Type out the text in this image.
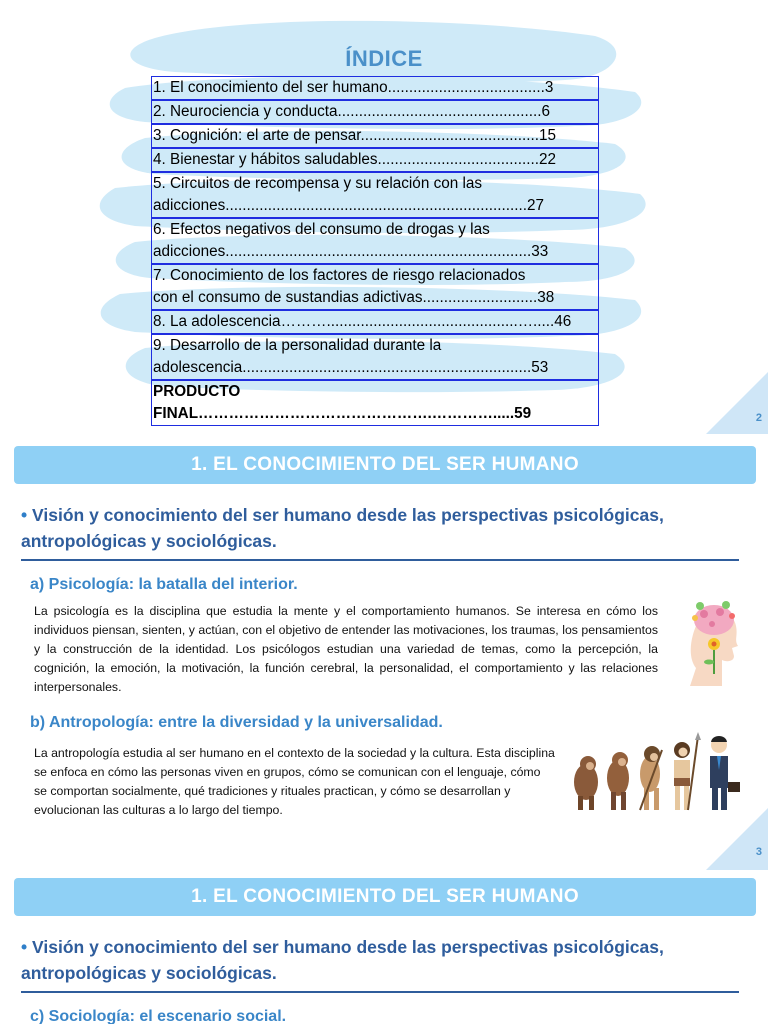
ÍNDICE
1. El conocimiento del ser humano.....................................3
2. Neurociencia y conducta................................................6
3. Cognición: el arte de pensar..........................................15
4. Bienestar y hábitos saludables......................................22
5. Circuitos de recompensa y su relación con las
adicciones.......................................................................27
6. Efectos negativos del consumo de drogas y las
adicciones........................................................................33
7. Conocimiento de los factores de riesgo relacionados
con el consumo de sustandias adictivas...........................38
8. La adolescencia……….............................................….....46
9. Desarrollo de la personalidad durante la
adolescencia....................................................................53
PRODUCTO FINAL……………………………………….………….....59	2
1. EL CONOCIMIENTO DEL SER HUMANO
• Visión y conocimiento del ser humano desde las perspectivas psicológicas, antropológicas y sociológicas.
a) Psicología: la batalla del interior.
La psicología es la disciplina que estudia la mente y el comportamiento humanos. Se interesa en cómo los individuos piensan, sienten, y actúan, con el objetivo de entender las motivaciones, los traumas, los pensamientos y la construcción de la identidad. Los psicólogos estudian una variedad de temas, como la percepción, la cognición, la emoción, la motivación, la función cerebral, la personalidad, el comportamiento y las relaciones interpersonales.
b) Antropología: entre la diversidad y la universalidad.
La antropología estudia al ser humano en el contexto de la sociedad y la cultura. Esta disciplina se enfoca en cómo las personas viven en grupos, cómo se comunican con el lenguaje, cómo se comportan socialmente, qué tradiciones y rituales practican, y cómo se desarrollan y evolucionan las culturas a lo largo del tiempo.
3
1. EL CONOCIMIENTO DEL SER HUMANO
• Visión y conocimiento del ser humano desde las perspectivas psicológicas, antropológicas y sociológicas.
c) Sociología: el escenario social.
